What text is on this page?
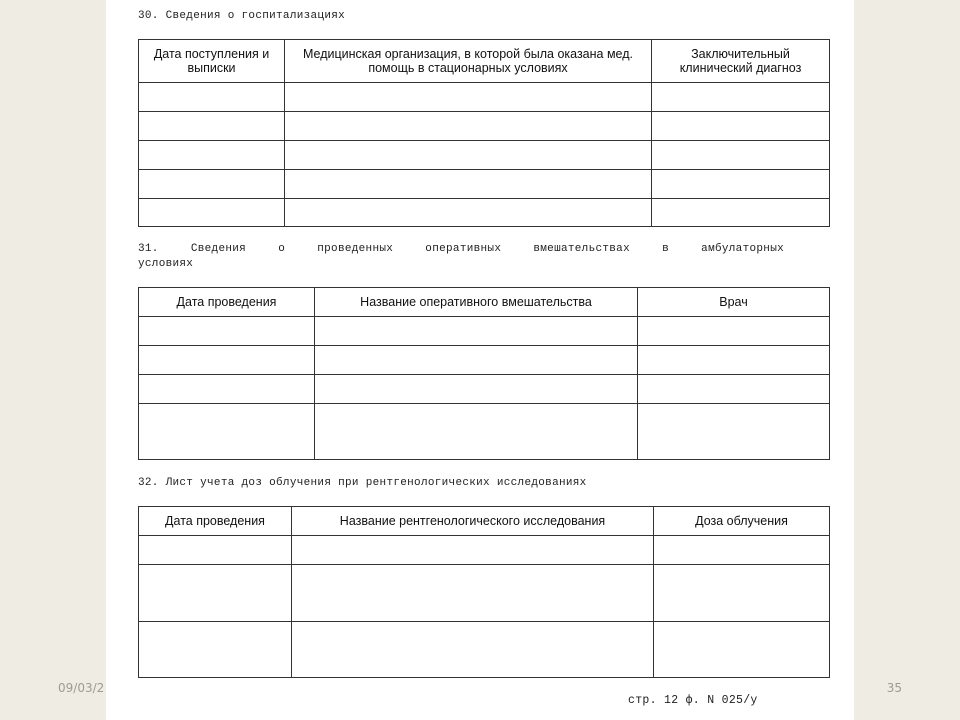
09/03/2	35
30. Сведения о госпитализациях
Дата поступления и выписки	Медицинская организация, в которой была оказана мед. помощь в стационарных условиях	Заключительный клинический диагноз

31. Сведения о проведенных оперативных вмешательствах в амбулаторных
условиях
Дата проведения	Название оперативного вмешательства	Врач

32. Лист учета доз облучения при рентгенологических исследованиях
Дата проведения	Название рентгенологического исследования	Доза облучения

стр. 12 ф. N 025/у
